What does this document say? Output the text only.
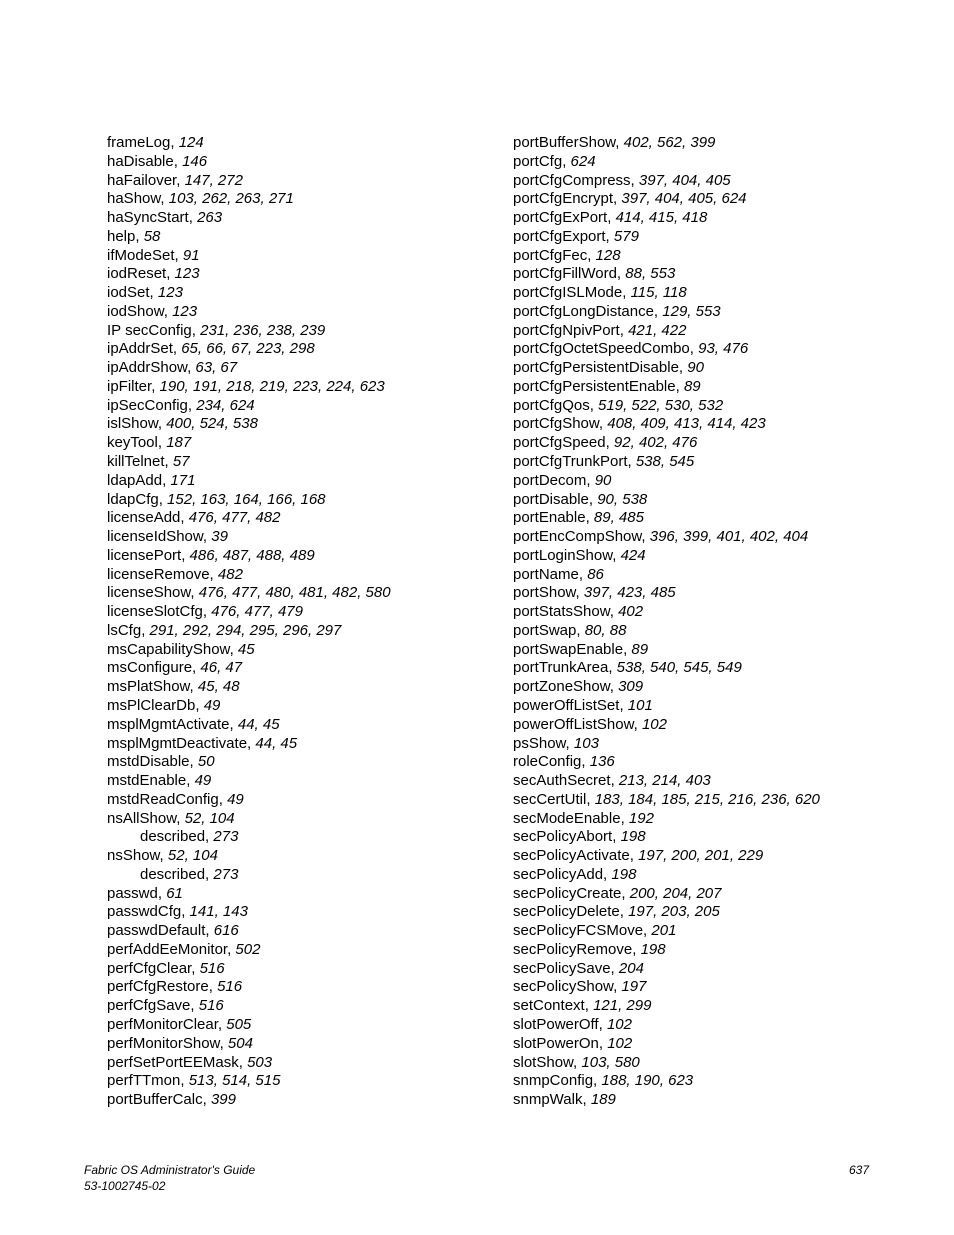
frameLog, 124
haDisable, 146
haFailover, 147, 272
haShow, 103, 262, 263, 271
haSyncStart, 263
help, 58
ifModeSet, 91
iodReset, 123
iodSet, 123
iodShow, 123
IP secConfig, 231, 236, 238, 239
ipAddrSet, 65, 66, 67, 223, 298
ipAddrShow, 63, 67
ipFilter, 190, 191, 218, 219, 223, 224, 623
ipSecConfig, 234, 624
islShow, 400, 524, 538
keyTool, 187
killTelnet, 57
ldapAdd, 171
ldapCfg, 152, 163, 164, 166, 168
licenseAdd, 476, 477, 482
licenseIdShow, 39
licensePort, 486, 487, 488, 489
licenseRemove, 482
licenseShow, 476, 477, 480, 481, 482, 580
licenseSlotCfg, 476, 477, 479
lsCfg, 291, 292, 294, 295, 296, 297
msCapabilityShow, 45
msConfigure, 46, 47
msPlatShow, 45, 48
msPlClearDb, 49
msplMgmtActivate, 44, 45
msplMgmtDeactivate, 44, 45
mstdDisable, 50
mstdEnable, 49
mstdReadConfig, 49
nsAllShow, 52, 104
described, 273
nsShow, 52, 104
described, 273
passwd, 61
passwdCfg, 141, 143
passwdDefault, 616
perfAddEeMonitor, 502
perfCfgClear, 516
perfCfgRestore, 516
perfCfgSave, 516
perfMonitorClear, 505
perfMonitorShow, 504
perfSetPortEEMask, 503
perfTTmon, 513, 514, 515
portBufferCalc, 399
portBufferShow, 402, 562, 399
portCfg, 624
portCfgCompress, 397, 404, 405
portCfgEncrypt, 397, 404, 405, 624
portCfgExPort, 414, 415, 418
portCfgExport, 579
portCfgFec, 128
portCfgFillWord, 88, 553
portCfgISLMode, 115, 118
portCfgLongDistance, 129, 553
portCfgNpivPort, 421, 422
portCfgOctetSpeedCombo, 93, 476
portCfgPersistentDisable, 90
portCfgPersistentEnable, 89
portCfgQos, 519, 522, 530, 532
portCfgShow, 408, 409, 413, 414, 423
portCfgSpeed, 92, 402, 476
portCfgTrunkPort, 538, 545
portDecom, 90
portDisable, 90, 538
portEnable, 89, 485
portEncCompShow, 396, 399, 401, 402, 404
portLoginShow, 424
portName, 86
portShow, 397, 423, 485
portStatsShow, 402
portSwap, 80, 88
portSwapEnable, 89
portTrunkArea, 538, 540, 545, 549
portZoneShow, 309
powerOffListSet, 101
powerOffListShow, 102
psShow, 103
roleConfig, 136
secAuthSecret, 213, 214, 403
secCertUtil, 183, 184, 185, 215, 216, 236, 620
secModeEnable, 192
secPolicyAbort, 198
secPolicyActivate, 197, 200, 201, 229
secPolicyAdd, 198
secPolicyCreate, 200, 204, 207
secPolicyDelete, 197, 203, 205
secPolicyFCSMove, 201
secPolicyRemove, 198
secPolicySave, 204
secPolicyShow, 197
setContext, 121, 299
slotPowerOff, 102
slotPowerOn, 102
slotShow, 103, 580
snmpConfig, 188, 190, 623
snmpWalk, 189
Fabric OS Administrator's Guide
53-1002745-02
637
